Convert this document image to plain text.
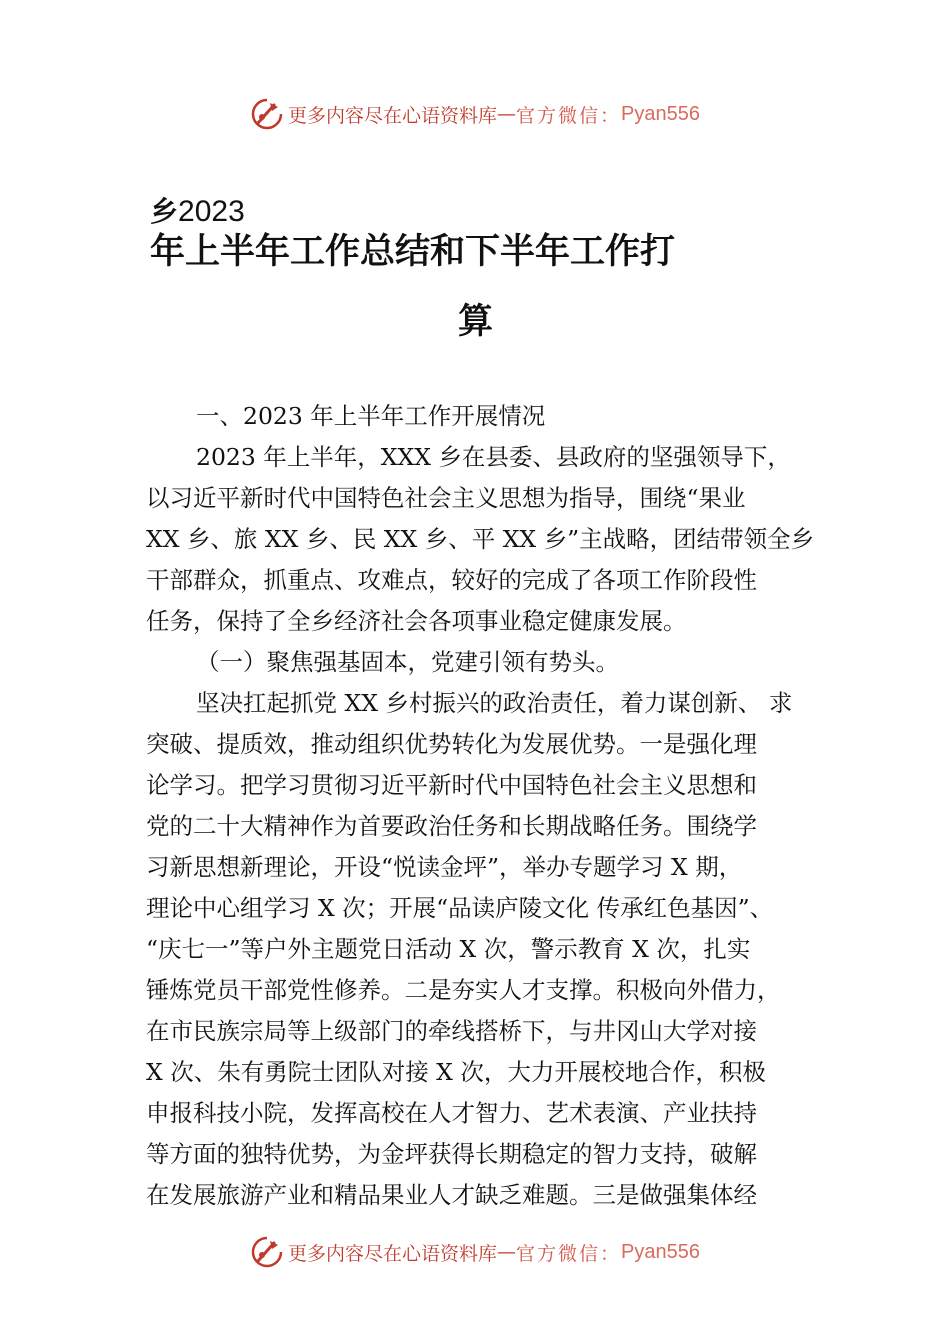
更多内容尽在心语资料库 — 官方微信： Pyan556
乡2023
年上半年工作总结和下半年工作打
算
一、2023 年上半年工作开展情况
2023 年上半年，XXX 乡在县委、县政府的坚强领导下，
以习近平新时代中国特色社会主义思想为指导，围绕“果业
XX 乡、旅 XX 乡、民 XX 乡、平 XX 乡”主战略，团结带领全乡
干部群众，抓重点、攻难点，较好的完成了各项工作阶段性
任务，保持了全乡经济社会各项事业稳定健康发展。
（一）聚焦强基固本，党建引领有势头。
坚决扛起抓党 XX 乡村振兴的政治责任，着力谋创新、 求
突破、提质效，推动组织优势转化为发展优势。一是强化理
论学习。把学习贯彻习近平新时代中国特色社会主义思想和
党的二十大精神作为首要政治任务和长期战略任务。围绕学
习新思想新理论，开设“悦读金坪”，举办专题学习 X 期，
理论中心组学习 X 次；开展“品读庐陵文化 传承红色基因”、
“庆七一”等户外主题党日活动 X 次，警示教育 X 次，扎实
锤炼党员干部党性修养。二是夯实人才支撑。积极向外借力，
在市民族宗局等上级部门的牵线搭桥下，与井冈山大学对接
X 次、朱有勇院士团队对接 X 次，大力开展校地合作，积极
申报科技小院，发挥高校在人才智力、艺术表演、产业扶持
等方面的独特优势，为金坪获得长期稳定的智力支持，破解
在发展旅游产业和精品果业人才缺乏难题。三是做强集体经
更多内容尽在心语资料库 — 官方微信： Pyan556
